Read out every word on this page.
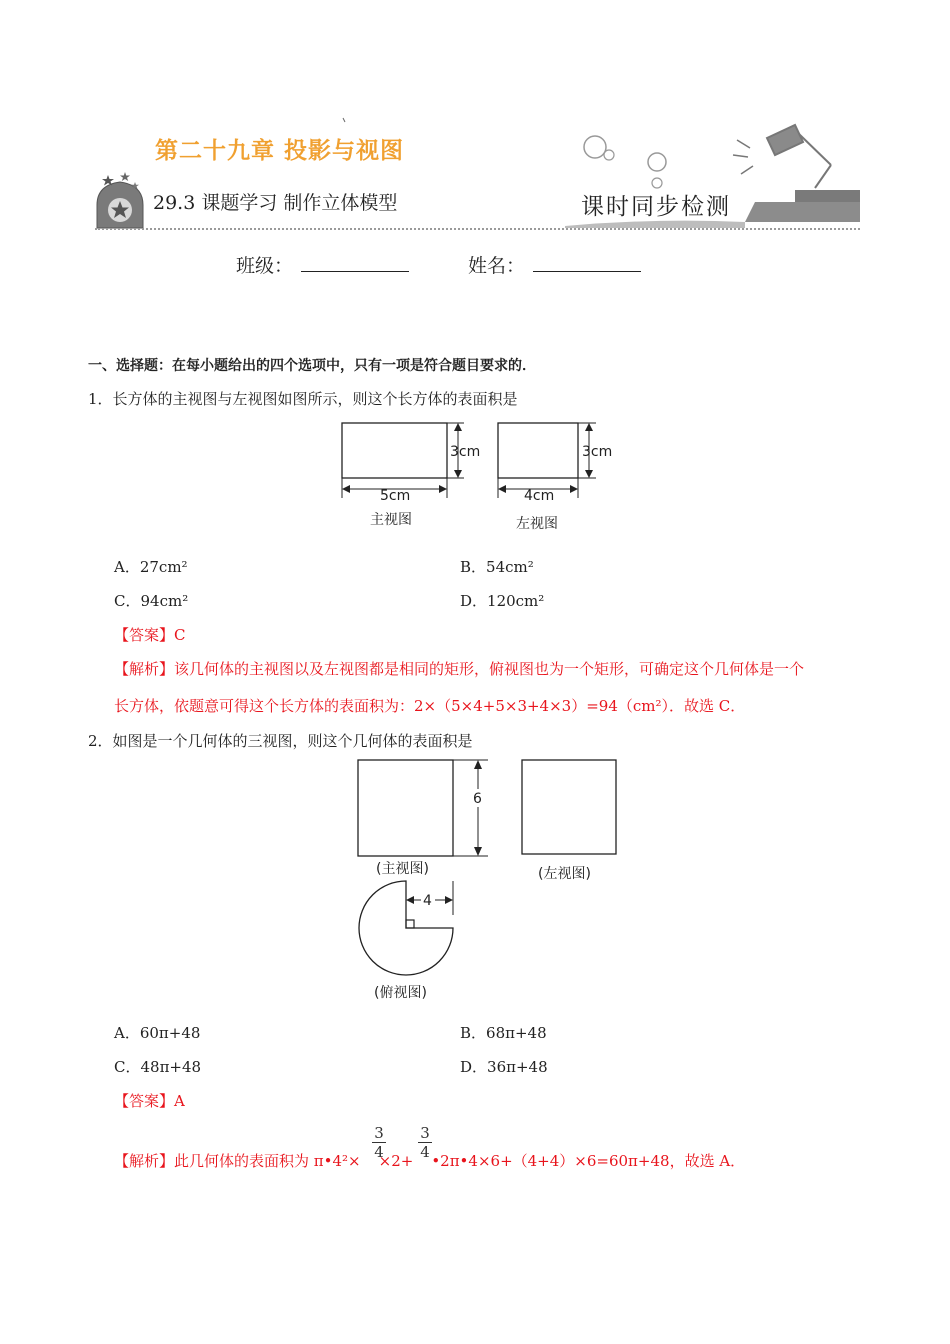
第二十九章 投影与视图
29.3 课题学习 制作立体模型	课时同步检测
班级：	姓名：
一、选择题：在每小题给出的四个选项中，只有一项是符合题目要求的．
1．长方体的主视图与左视图如图所示，则这个长方体的表面积是
3cm
5cm
主视图
3cm
4cm
左视图
A．27cm²	B．54cm²
C．94cm²	D．120cm²
【答案】C
【解析】该几何体的主视图以及左视图都是相同的矩形，俯视图也为一个矩形，可确定这个几何体是一个
长方体，依题意可得这个长方体的表面积为：2×（5×4+5×3+4×3）=94（cm²）．故选 C．
2．如图是一个几何体的三视图，则这个几何体的表面积是
6
(主视图)	(左视图)
4
(俯视图)
A．60π+48	B．68π+48
C．48π+48	D．36π+48
【答案】A
3
4
3
4
【解析】此几何体的表面积为 π•4²× ×2+ •2π•4×6+（4+4）×6=60π+48，故选 A．
